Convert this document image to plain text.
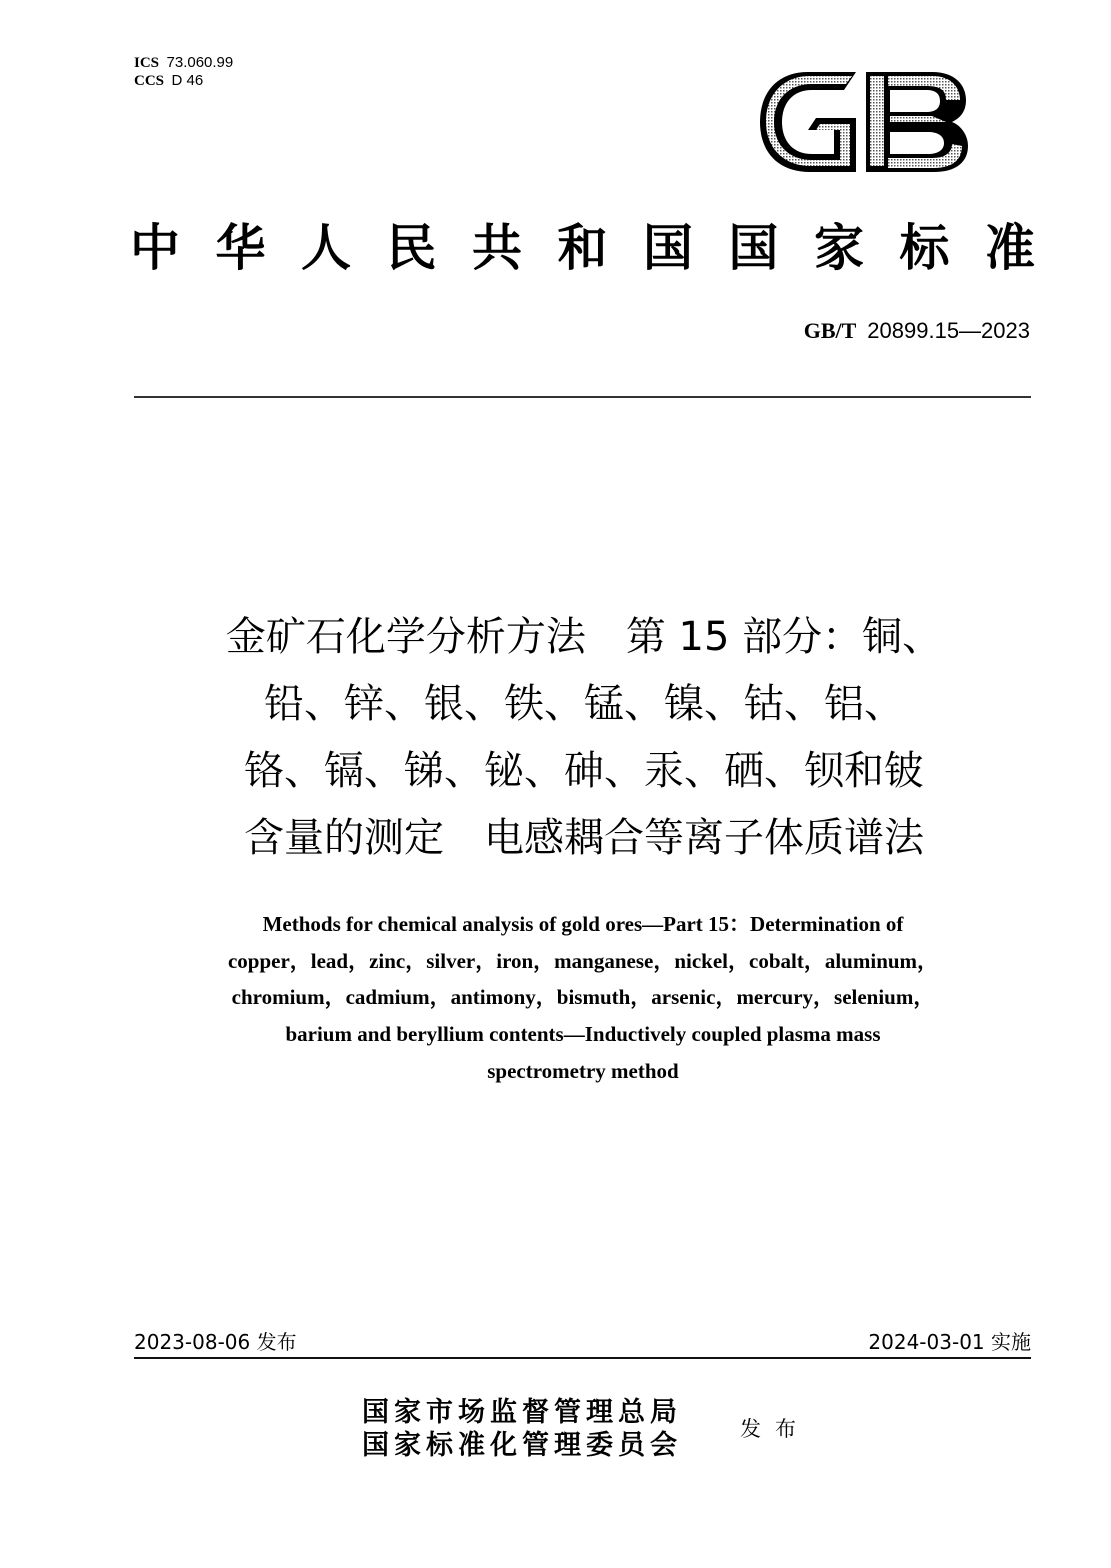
ICS 73.060.99
CCS D 46
中 华 人 民 共 和 国 国 家 标 准
GB/T 20899.15—2023
金矿石化学分析方法　第 15 部分：铜、
铅、锌、银、铁、锰、镍、钴、铝、
铬、镉、锑、铋、砷、汞、硒、钡和铍
含量的测定　电感耦合等离子体质谱法
Methods for chemical analysis of gold ores—Part 15：Determination of
copper，lead，zinc，silver，iron，manganese，nickel，cobalt，aluminum，
chromium，cadmium，antimony，bismuth，arsenic，mercury，selenium，
barium and beryllium contents—Inductively coupled plasma mass
spectrometry method
2023-08-06 发布	2024-03-01 实施
国家市场监督管理总局
国家标准化管理委员会
发布
